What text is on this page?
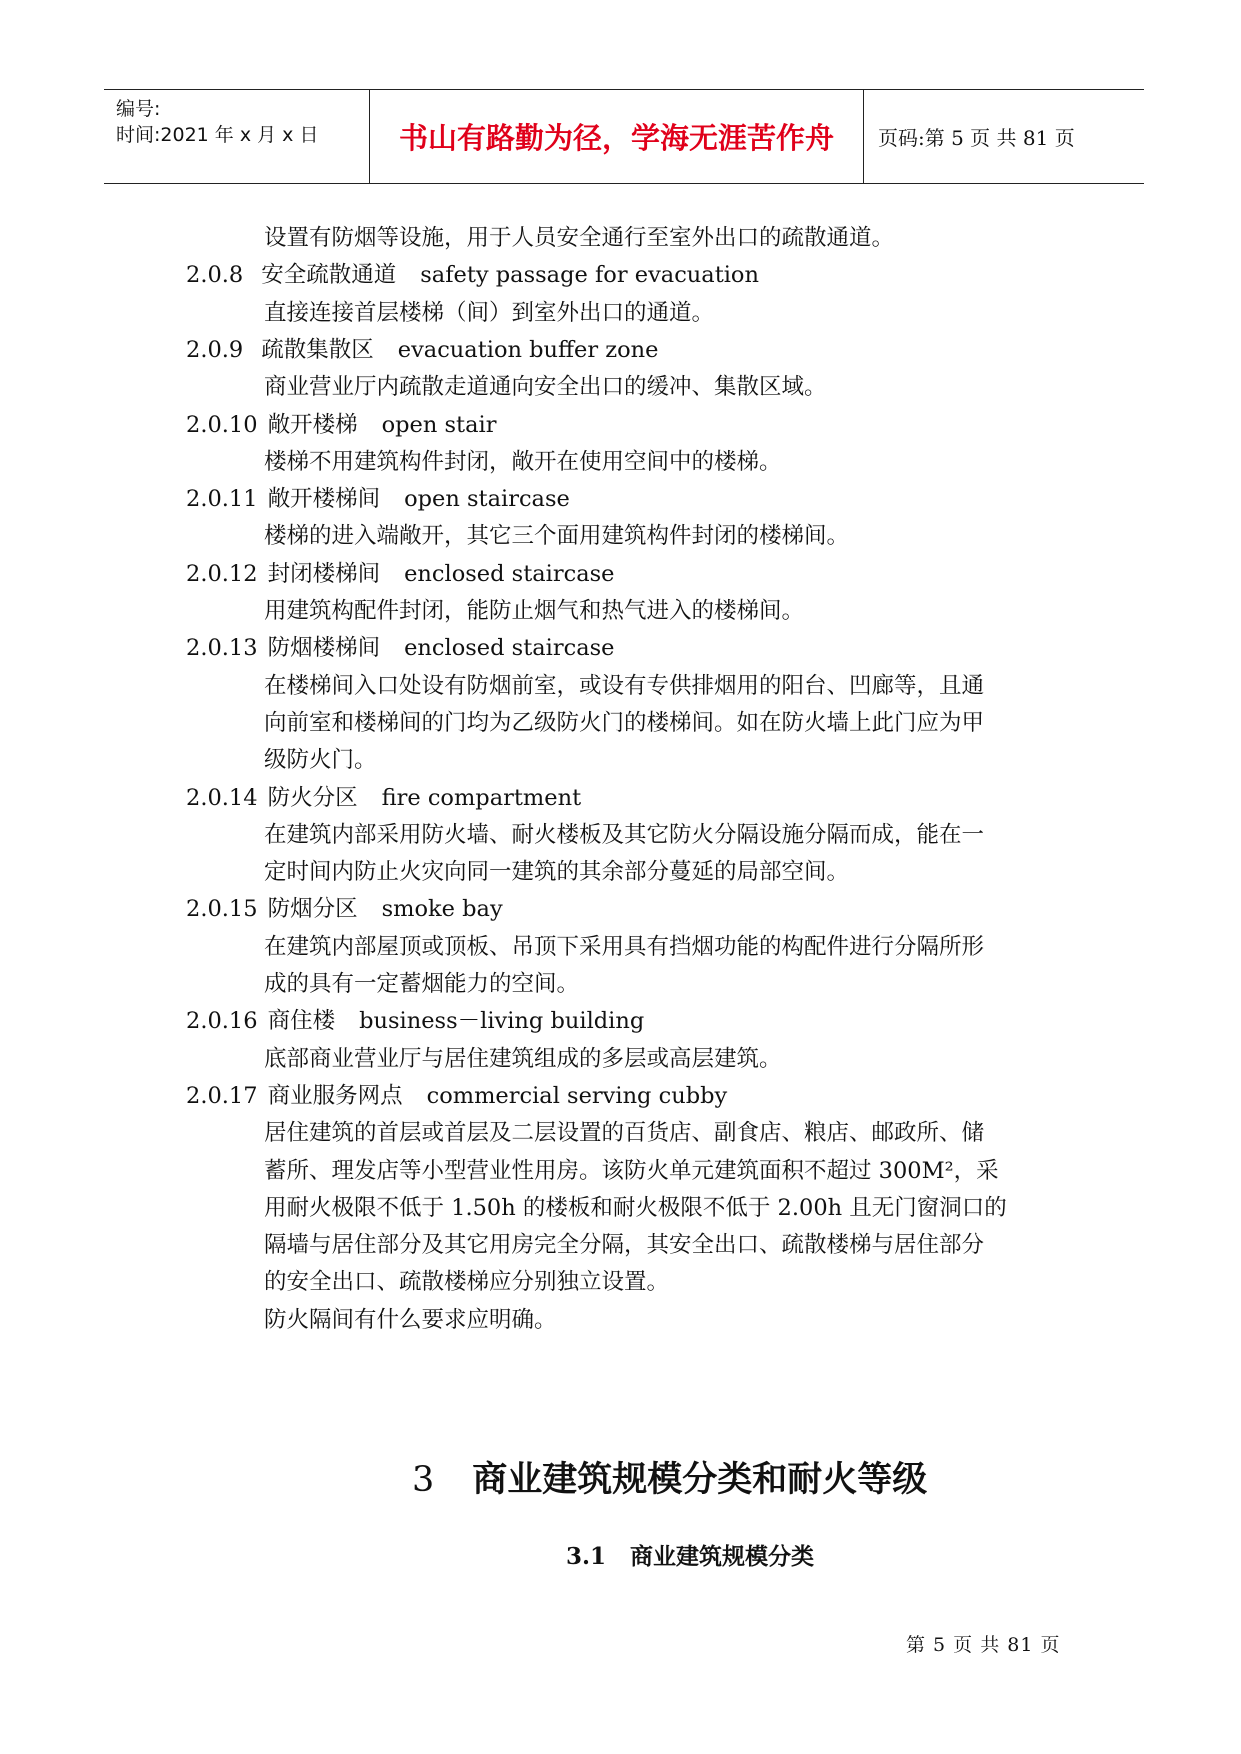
编号:
时间:2021 年 x 月 x 日	书山有路勤为径，学海无涯苦作舟	页码:第 5 页 共 81 页
设置有防烟等设施，用于人员安全通行至室外出口的疏散通道。
2.0.8 安全疏散通道 safety passage for evacuation
直接连接首层楼梯（间）到室外出口的通道。
2.0.9 疏散集散区 evacuation buffer zone
商业营业厅内疏散走道通向安全出口的缓冲、集散区域。
2.0.10 敞开楼梯 open stair
楼梯不用建筑构件封闭，敞开在使用空间中的楼梯。
2.0.11 敞开楼梯间 open staircase
楼梯的进入端敞开，其它三个面用建筑构件封闭的楼梯间。
2.0.12 封闭楼梯间 enclosed staircase
用建筑构配件封闭，能防止烟气和热气进入的楼梯间。
2.0.13 防烟楼梯间 enclosed staircase
在楼梯间入口处设有防烟前室，或设有专供排烟用的阳台、凹廊等，且通
向前室和楼梯间的门均为乙级防火门的楼梯间。如在防火墙上此门应为甲
级防火门。
2.0.14 防火分区 fire compartment
在建筑内部采用防火墙、耐火楼板及其它防火分隔设施分隔而成，能在一
定时间内防止火灾向同一建筑的其余部分蔓延的局部空间。
2.0.15 防烟分区 smoke bay
在建筑内部屋顶或顶板、吊顶下采用具有挡烟功能的构配件进行分隔所形
成的具有一定蓄烟能力的空间。
2.0.16 商住楼 business－living building
底部商业营业厅与居住建筑组成的多层或高层建筑。
2.0.17 商业服务网点 commercial serving cubby
居住建筑的首层或首层及二层设置的百货店、副食店、粮店、邮政所、储
蓄所、理发店等小型营业性用房。该防火单元建筑面积不超过 300M²，采
用耐火极限不低于 1.50h 的楼板和耐火极限不低于 2.00h 且无门窗洞口的
隔墙与居住部分及其它用房完全分隔，其安全出口、疏散楼梯与居住部分
的安全出口、疏散楼梯应分别独立设置。
防火隔间有什么要求应明确。
3 商业建筑规模分类和耐火等级
3.1 商业建筑规模分类
第 5 页 共 81 页
